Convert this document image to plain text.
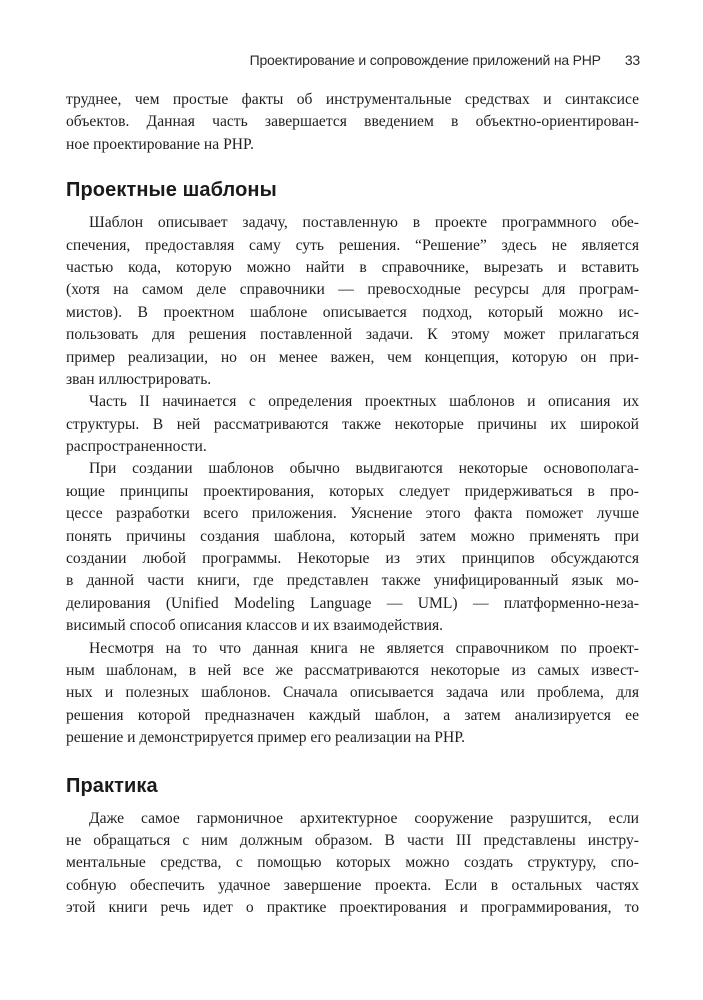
Проектирование и сопровождение приложений на PHP 33
труднее, чем простые факты об инструментальные средствах и синтаксисе
объектов. Данная часть завершается введением в объектно-ориентирован-
ное проектирование на PHP.
Проектные шаблоны
Шаблон описывает задачу, поставленную в проекте программного обе-
спечения, предоставляя саму суть решения. “Решение” здесь не является
частью кода, которую можно найти в справочнике, вырезать и вставить
(хотя на самом деле справочники — превосходные ресурсы для програм-
мистов). В проектном шаблоне описывается подход, который можно ис-
пользовать для решения поставленной задачи. К этому может прилагаться
пример реализации, но он менее важен, чем концепция, которую он при-
зван иллюстрировать.
Часть II начинается с определения проектных шаблонов и описания их
структуры. В ней рассматриваются также некоторые причины их широкой
распространенности.
При создании шаблонов обычно выдвигаются некоторые основополага-
ющие принципы проектирования, которых следует придерживаться в про-
цессе разработки всего приложения. Уяснение этого факта поможет лучше
понять причины создания шаблона, который затем можно применять при
создании любой программы. Некоторые из этих принципов обсуждаются
в данной части книги, где представлен также унифицированный язык мо-
делирования (Unified Modeling Language — UML) — платформенно-неза-
висимый способ описания классов и их взаимодействия.
Несмотря на то что данная книга не является справочником по проект-
ным шаблонам, в ней все же рассматриваются некоторые из самых извест-
ных и полезных шаблонов. Сначала описывается задача или проблема, для
решения которой предназначен каждый шаблон, а затем анализируется ее
решение и демонстрируется пример его реализации на PHP.
Практика
Даже самое гармоничное архитектурное сооружение разрушится, если
не обращаться с ним должным образом. В части III представлены инстру-
ментальные средства, с помощью которых можно создать структуру, спо-
собную обеспечить удачное завершение проекта. Если в остальных частях
этой книги речь идет о практике проектирования и программирования, то
